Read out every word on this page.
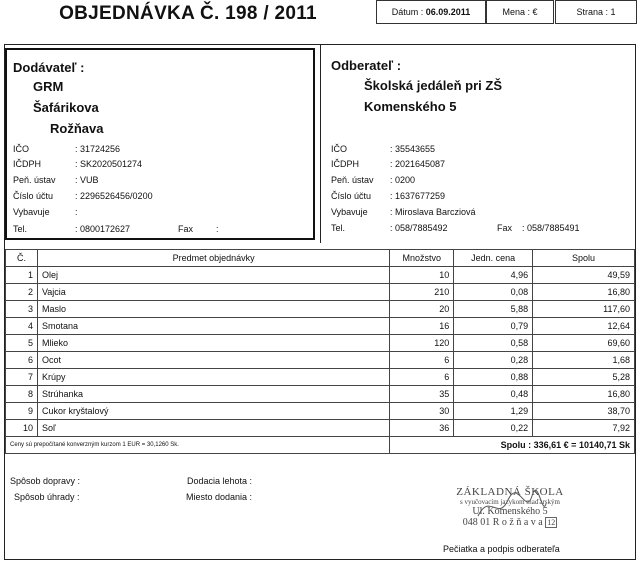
OBJEDNÁVKA Č. 198 / 2011	Dátum : 06.09.2011	Mena : €	Strana : 1
Dodávateľ :
GRM
Šafárikova
Rožňava
IČO	: 31724256
IČDPH	: SK2020501274
Peň. ústav : VUB
Číslo účtu : 2296526456/0200
Vybavuje	:
Tel.	: 0800172627	Fax	:
Odberateľ :
Školská jedáleň pri ZŠ
Komenského 5
IČO	: 35543655
IČDPH	: 2021645087
Peň. ústav : 0200
Číslo účtu : 1637677259
Vybavuje : Miroslava Barcziová
Tel.	: 058/7885492	Fax : 058/7885491
Č.	Predmet objednávky	Množstvo	Jedn. cena	Spolu
1	Olej	10	4,96	49,59
2	Vajcia	210	0,08	16,80
3	Maslo	20	5,88	117,60
4	Smotana	16	0,79	12,64
5	Mlieko	120	0,58	69,60
6	Ocot	6	0,28	1,68
7	Krúpy	6	0,88	5,28
8	Strúhanka	35	0,48	16,80
9	Cukor kryštalový	30	1,29	38,70
10	Soľ	36	0,22	7,92
Ceny sú prepočítané konverzným kurzom 1 EUR = 30,1260 Sk.		Spolu : 336,61 € = 10140,71 Sk		
Spôsob dopravy :
Spôsob úhrady :
Dodacia lehota :
Miesto dodania :	ZÁKLADNÁ ŠKOLA
s vyučovacím jazykom maďarským
Ul. Komenského 5
048 01 R o ž ň a v a 12
Pečiatka a podpis odberateľa
